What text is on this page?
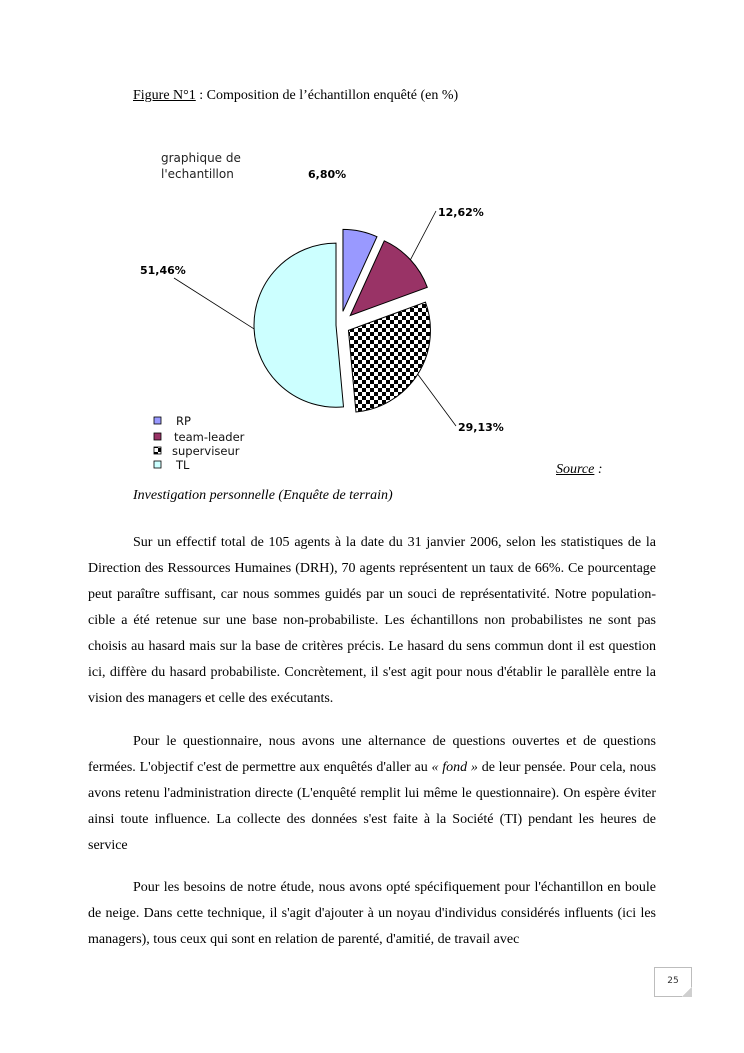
Figure N°1 : Composition de l’échantillon enquêté (en %)
graphique de
l'echantillon	6,80%
12,62%
29,13%
51,46%
RP
team-leader
superviseur
TL	Source :
Investigation personnelle (Enquête de terrain)

Sur un effectif total de 105 agents à la date du 31 janvier 2006, selon les statistiques de la Direction des Ressources Humaines (DRH), 70 agents représentent un taux de 66%. Ce pourcentage peut paraître suffisant, car nous sommes guidés par un souci de représentativité. Notre population-cible a été retenue sur une base non-probabiliste. Les échantillons non probabilistes ne sont pas choisis au hasard mais sur la base de critères précis. Le hasard du sens commun dont il est question ici, diffère du hasard probabiliste. Concrètement, il s'est agit pour nous d'établir le parallèle entre la vision des managers et celle des exécutants.

Pour le questionnaire, nous avons une alternance de questions ouvertes et de questions fermées. L'objectif c'est de permettre aux enquêtés d'aller au « fond » de leur pensée. Pour cela, nous avons retenu l'administration directe (L'enquêté remplit lui même le questionnaire). On espère éviter ainsi toute influence. La collecte des données s'est faite à la Société (TI) pendant les heures de service

Pour les besoins de notre étude, nous avons opté spécifiquement pour l'échantillon en boule de neige. Dans cette technique, il s'agit d'ajouter à un noyau d'individus considérés influents (ici les managers), tous ceux qui sont en relation de parenté, d'amitié, de travail avec

25
